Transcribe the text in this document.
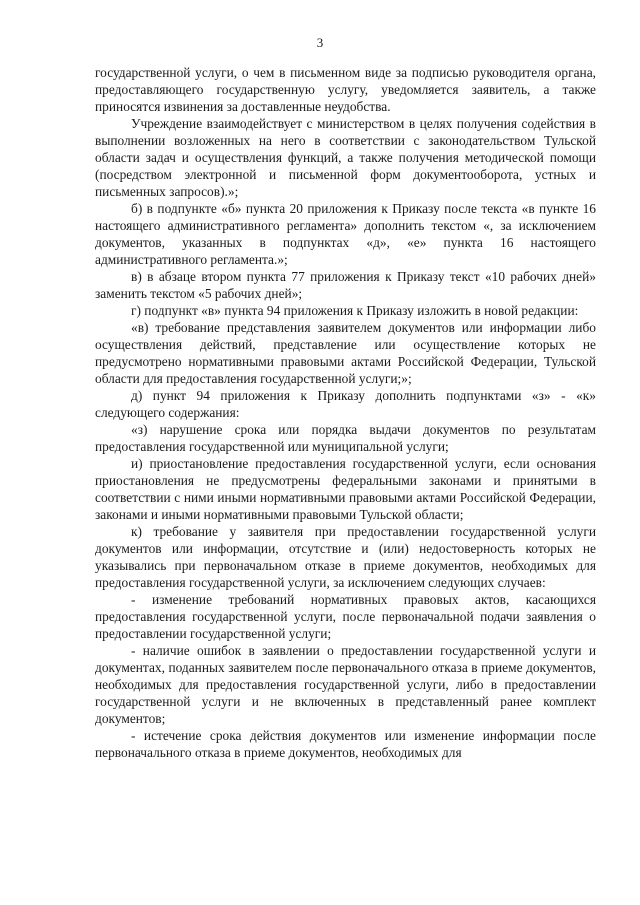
3

государственной услуги, о чем в письменном виде за подписью руководителя органа, предоставляющего государственную услугу, уведомляется заявитель, а также приносятся извинения за доставленные неудобства.

Учреждение взаимодействует с министерством в целях получения содействия в выполнении возложенных на него в соответствии с законодательством Тульской области задач и осуществления функций, а также получения методической помощи (посредством электронной и письменной форм документооборота, устных и письменных запросов).»;

б) в подпункте «б» пункта 20 приложения к Приказу после текста «в пункте 16 настоящего административного регламента» дополнить текстом «, за исключением документов, указанных в подпунктах «д», «е» пункта 16 настоящего административного регламента.»;

в) в абзаце втором пункта 77 приложения к Приказу текст «10 рабочих дней» заменить текстом «5 рабочих дней»;

г) подпункт «в» пункта 94 приложения к Приказу изложить в новой редакции:

«в) требование представления заявителем документов или информации либо осуществления действий, представление или осуществление которых не предусмотрено нормативными правовыми актами Российской Федерации, Тульской области для предоставления государственной услуги;»;

д) пункт 94 приложения к Приказу дополнить подпунктами «з» - «к» следующего содержания:

«з) нарушение срока или порядка выдачи документов по результатам предоставления государственной или муниципальной услуги;

и) приостановление предоставления государственной услуги, если основания приостановления не предусмотрены федеральными законами и принятыми в соответствии с ними иными нормативными правовыми актами Российской Федерации, законами и иными нормативными правовыми Тульской области;

к) требование у заявителя при предоставлении государственной услуги документов или информации, отсутствие и (или) недостоверность которых не указывались при первоначальном отказе в приеме документов, необходимых для предоставления государственной услуги, за исключением следующих случаев:

- изменение требований нормативных правовых актов, касающихся предоставления государственной услуги, после первоначальной подачи заявления о предоставлении государственной услуги;

- наличие ошибок в заявлении о предоставлении государственной услуги и документах, поданных заявителем после первоначального отказа в приеме документов, необходимых для предоставления государственной услуги, либо в предоставлении государственной услуги и не включенных в представленный ранее комплект документов;

- истечение срока действия документов или изменение информации после первоначального отказа в приеме документов, необходимых для
